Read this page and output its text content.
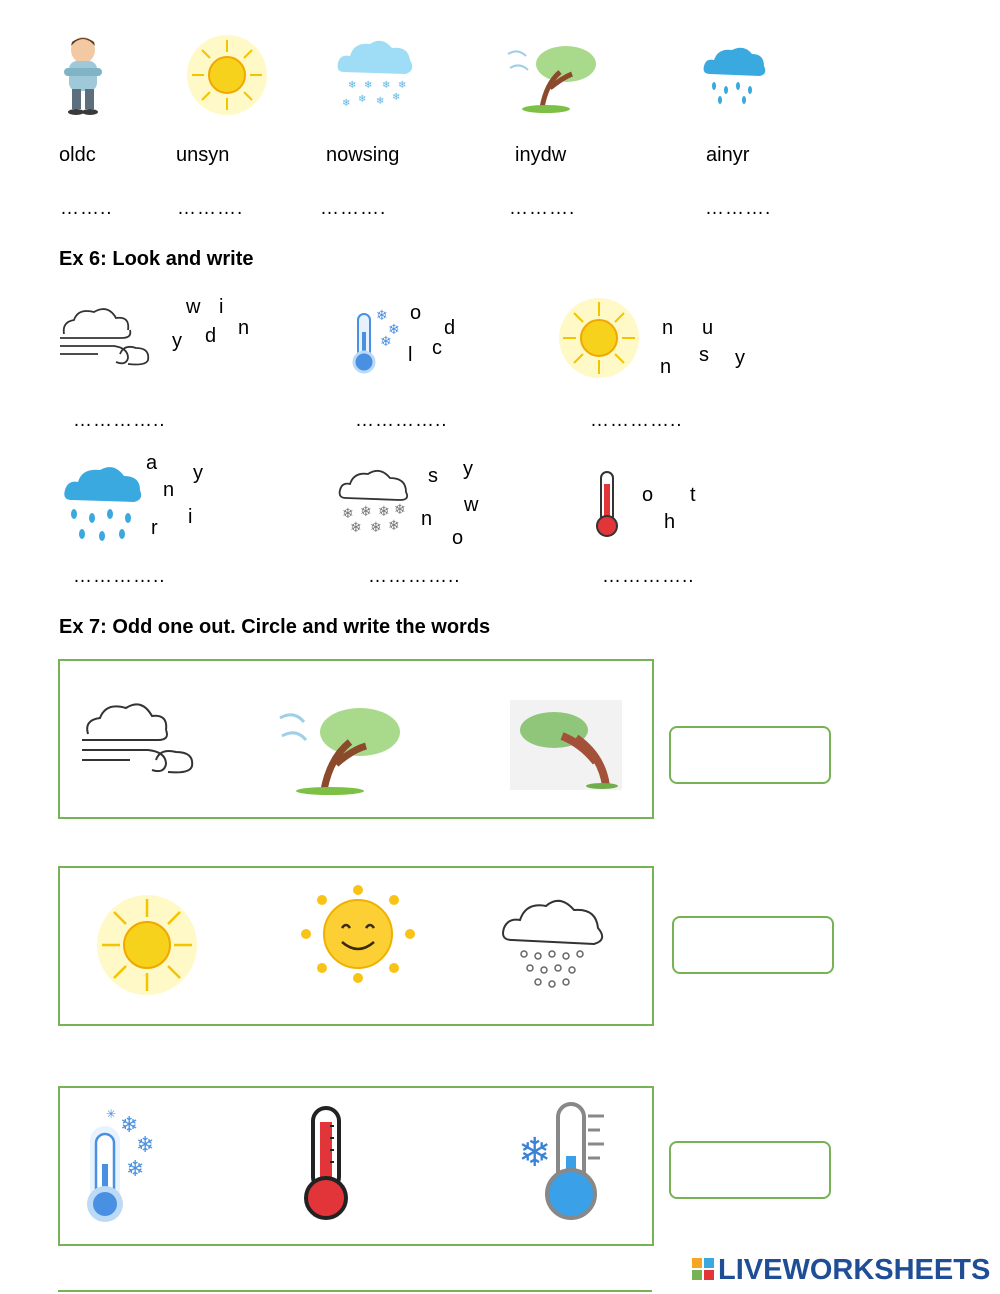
❄ ❄ ❄ ❄
❄ ❄ ❄ ❄
oldc	unsyn	nowsing	inydw	ainyr
……..	……….	……….	……….	……….
Ex 6: Look and write
w i
y d n
…………..
❄
❄
❄
o
d
c
l
…………..
n u
s y
n
…………..
a y
n
i
r
…………..
❄ ❄ ❄ ❄
❄ ❄ ❄
s y
w
n
o
…………..
o t
h
…………..
Ex 7: Odd one out. Circle and write the words
❄
❄
❄
✳
❄
LIVEWORKSHEETS
